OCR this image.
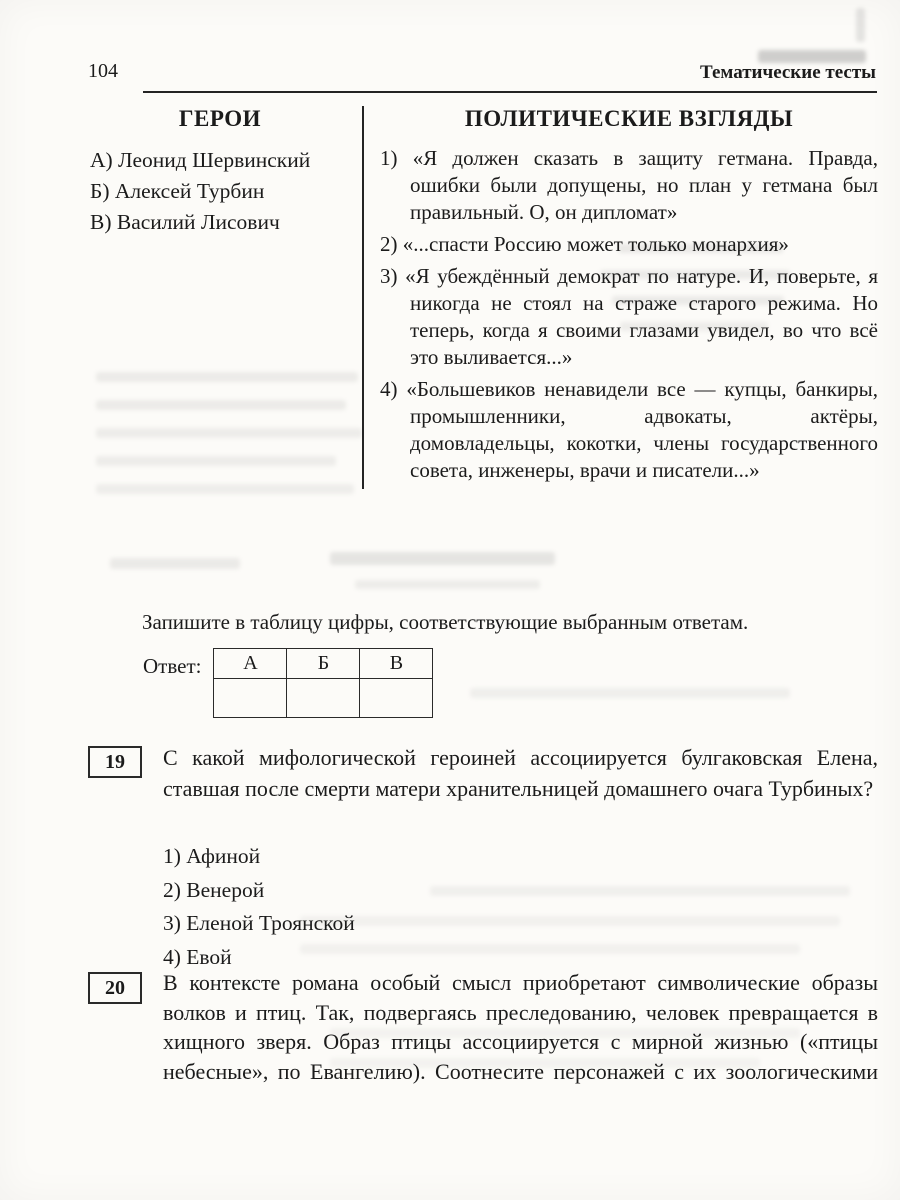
104	Тематические тесты
ГЕРОИ
А) Леонид Шервинский
Б) Алексей Турбин
В) Василий Лисович
ПОЛИТИЧЕСКИЕ ВЗГЛЯДЫ
1) «Я должен сказать в защиту гетмана. Правда, ошибки были допущены, но план у гетмана был правильный. О, он дипломат»
2) «...спасти Россию может только монархия»
3) «Я убеждённый демократ по натуре. И, поверьте, я никогда не стоял на страже старого режима. Но теперь, когда я своими глазами увидел, во что всё это выливается...»
4) «Большевиков ненавидели все — купцы, банкиры, промышленники, адвокаты, актёры, домовладельцы, кокотки, члены государственного совета, инженеры, врачи и писатели...»
Запишите в таблицу цифры, соответствующие выбранным ответам.
Ответ: А	Б	В

19 С какой мифологической героиней ассоциируется булгаковская Елена, ставшая после смерти матери хранительницей домашнего очага Турбиных?
1) Афиной
2) Венерой
3) Еленой Троянской
4) Евой
20 В контексте романа особый смысл приобретают символические образы волков и птиц. Так, подвергаясь преследованию, человек превращается в хищного зверя. Образ птицы ассоциируется с мирной жизнью («птицы небесные», по Евангелию). Соотнесите персонажей с их зоологическими
